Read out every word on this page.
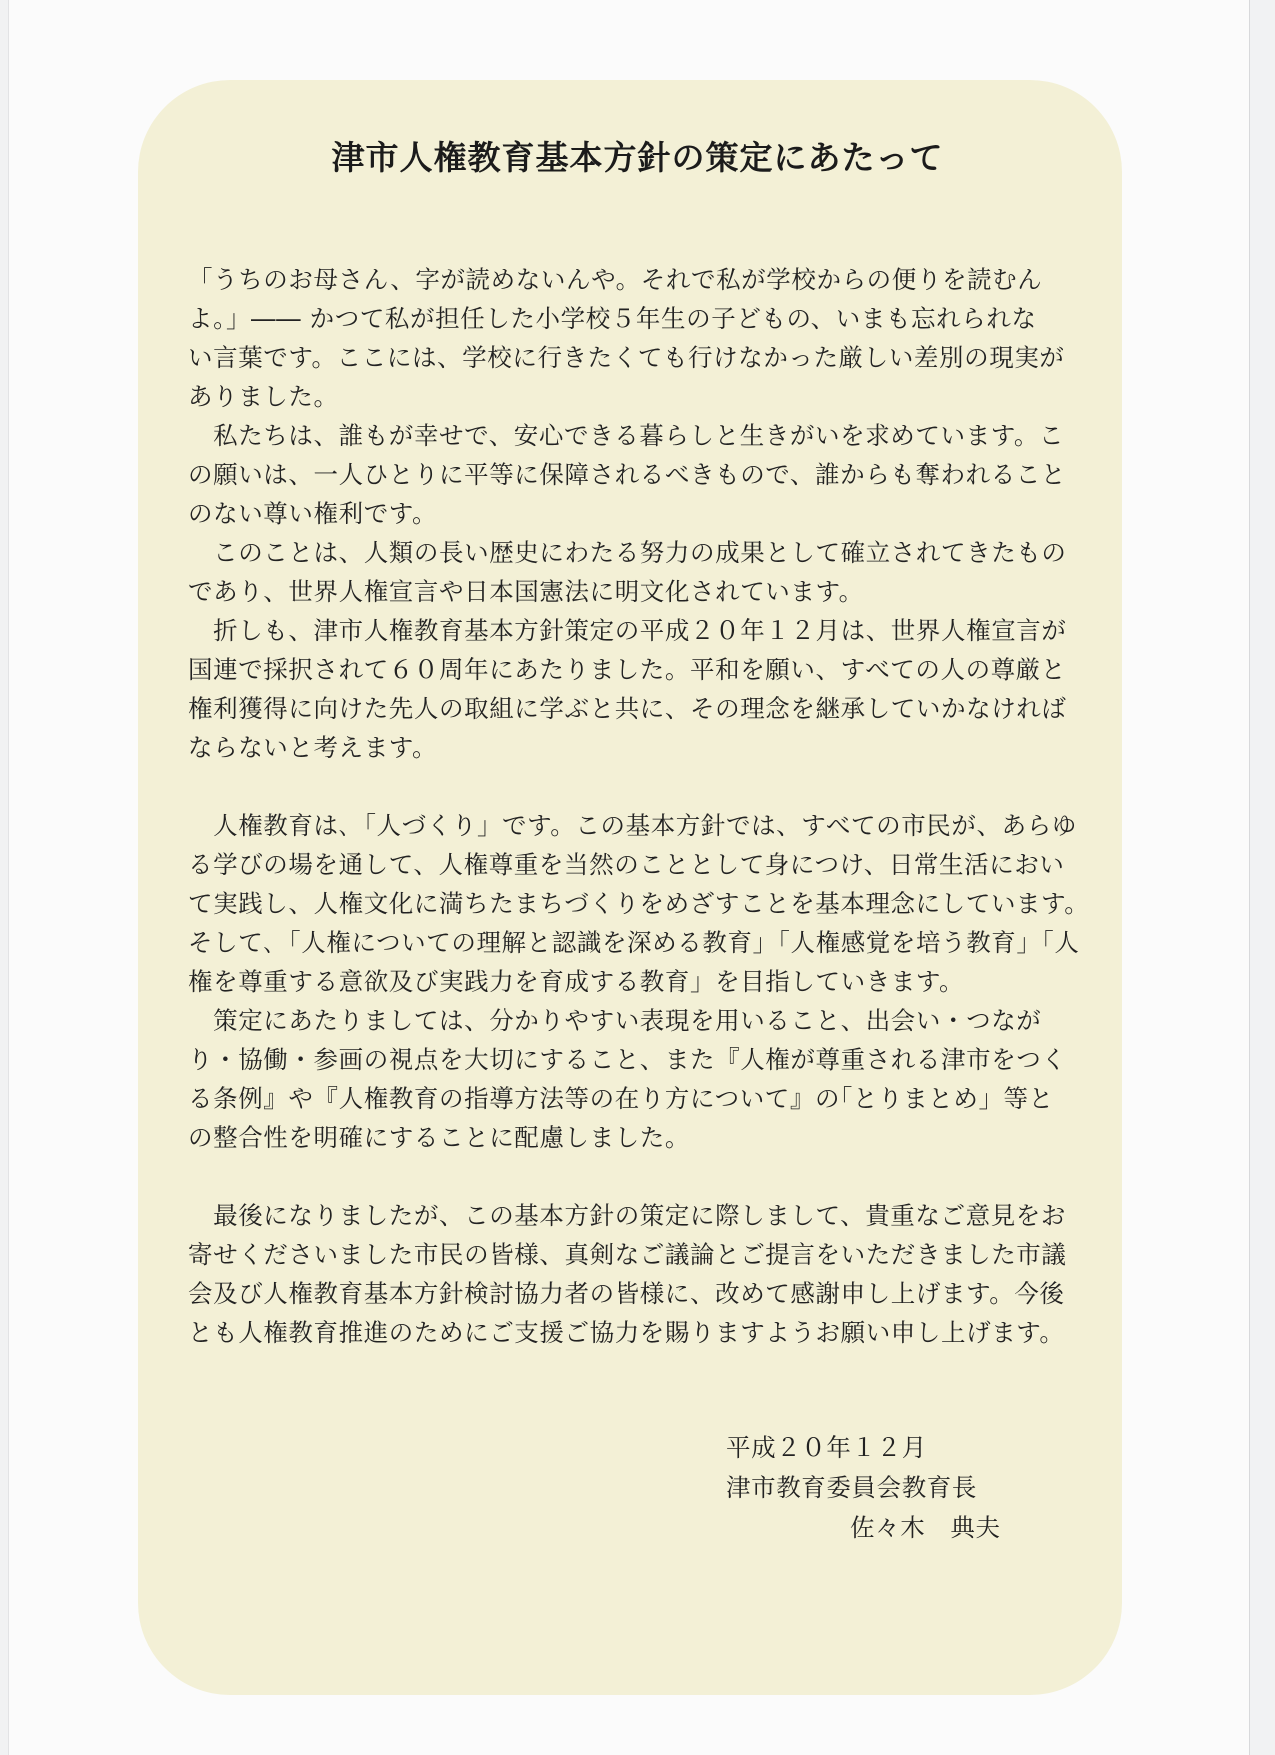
津市人権教育基本方針の策定にあたって
「うちのお母さん、字が読めないんや。それで私が学校からの便りを読むん
よ。」―― かつて私が担任した小学校５年生の子どもの、いまも忘れられな
い言葉です。ここには、学校に行きたくても行けなかった厳しい差別の現実が
ありました。
　私たちは、誰もが幸せで、安心できる暮らしと生きがいを求めています。こ
の願いは、一人ひとりに平等に保障されるべきもので、誰からも奪われること
のない尊い権利です。
　このことは、人類の長い歴史にわたる努力の成果として確立されてきたもの
であり、世界人権宣言や日本国憲法に明文化されています。
　折しも、津市人権教育基本方針策定の平成２０年１２月は、世界人権宣言が
国連で採択されて６０周年にあたりました。平和を願い、すべての人の尊厳と
権利獲得に向けた先人の取組に学ぶと共に、その理念を継承していかなければ
ならないと考えます。
　人権教育は､「人づくり」です。この基本方針では、すべての市民が、あらゆ
る学びの場を通して、人権尊重を当然のこととして身につけ、日常生活におい
て実践し、人権文化に満ちたまちづくりをめざすことを基本理念にしています。
そして､「人権についての理解と認識を深める教育」｢人権感覚を培う教育」「人
権を尊重する意欲及び実践力を育成する教育」を目指していきます。
　策定にあたりましては、分かりやすい表現を用いること、出会い・つなが
り・協働・参画の視点を大切にすること、また『人権が尊重される津市をつく
る条例』や『人権教育の指導方法等の在り方について』の｢とりまとめ」等と
の整合性を明確にすることに配慮しました。
　最後になりましたが、この基本方針の策定に際しまして、貴重なご意見をお
寄せくださいました市民の皆様、真剣なご議論とご提言をいただきました市議
会及び人権教育基本方針検討協力者の皆様に、改めて感謝申し上げます。今後
とも人権教育推進のためにご支援ご協力を賜りますようお願い申し上げます。
平成２０年１２月
津市教育委員会教育長
佐々木　典夫
